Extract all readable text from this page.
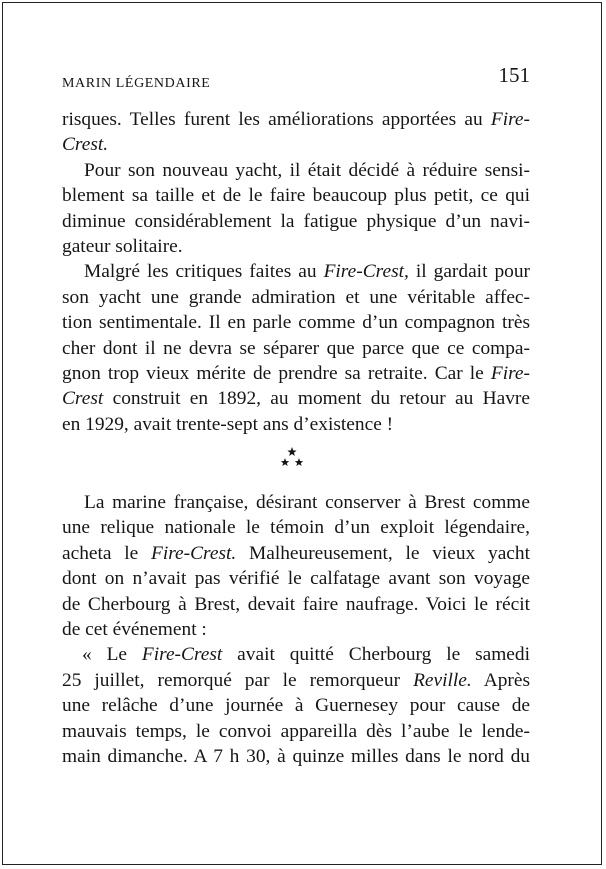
MARIN LÉGENDAIRE	151
risques. Telles furent les améliorations apportées au Fire-
Crest.
Pour son nouveau yacht, il était décidé à réduire sensi-
blement sa taille et de le faire beaucoup plus petit, ce qui
diminue considérablement la fatigue physique d’un navi-
gateur solitaire.
Malgré les critiques faites au Fire-Crest, il gardait pour
son yacht une grande admiration et une véritable affec-
tion sentimentale. Il en parle comme d’un compagnon très
cher dont il ne devra se séparer que parce que ce compa-
gnon trop vieux mérite de prendre sa retraite. Car le Fire-
Crest construit en 1892, au moment du retour au Havre
en 1929, avait trente-sept ans d’existence !
La marine française, désirant conserver à Brest comme
une relique nationale le témoin d’un exploit légendaire,
acheta le Fire-Crest. Malheureusement, le vieux yacht
dont on n’avait pas vérifié le calfatage avant son voyage
de Cherbourg à Brest, devait faire naufrage. Voici le récit
de cet événement :
« Le Fire-Crest avait quitté Cherbourg le samedi
25 juillet, remorqué par le remorqueur Reville. Après
une relâche d’une journée à Guernesey pour cause de
mauvais temps, le convoi appareilla dès l’aube le lende-
main dimanche. A 7 h 30, à quinze milles dans le nord du
